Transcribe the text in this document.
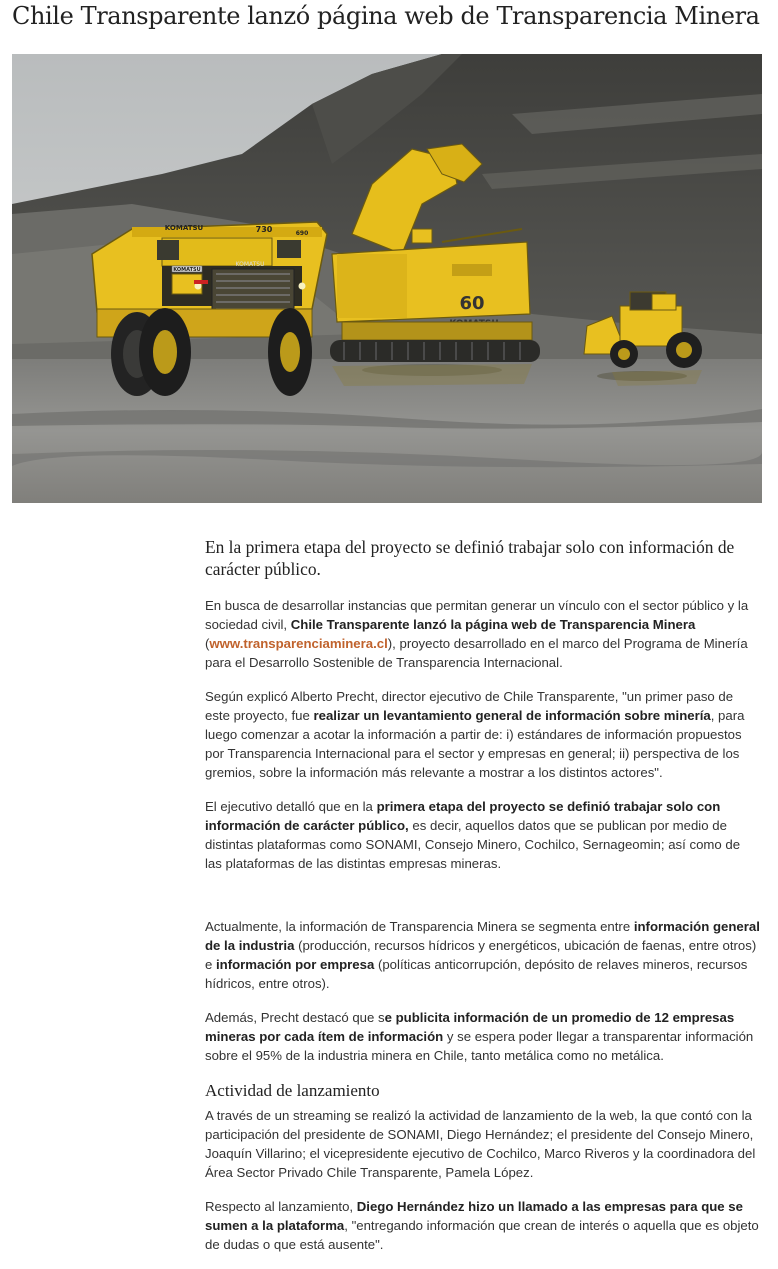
Chile Transparente lanzó página web de Transparencia Minera
KOMATSU
KOMATSU	730	690
KOMATSU
60

En la primera etapa del proyecto se definió trabajar solo con información de carácter público.

En busca de desarrollar instancias que permitan generar un vínculo con el sector público y la sociedad civil, Chile Transparente lanzó la página web de Transparencia Minera (www.transparenciaminera.cl), proyecto desarrollado en el marco del Programa de Minería para el Desarrollo Sostenible de Transparencia Internacional.

Según explicó Alberto Precht, director ejecutivo de Chile Transparente, "un primer paso de este proyecto, fue realizar un levantamiento general de información sobre minería, para luego comenzar a acotar la información a partir de: i) estándares de información propuestos por Transparencia Internacional para el sector y empresas en general; ii) perspectiva de los gremios, sobre la información más relevante a mostrar a los distintos actores".

El ejecutivo detalló que en la primera etapa del proyecto se definió trabajar solo con información de carácter público, es decir, aquellos datos que se publican por medio de distintas plataformas como SONAMI, Consejo Minero, Cochilco, Sernageomin; así como de las plataformas de las distintas empresas mineras.

Actualmente, la información de Transparencia Minera se segmenta entre información general de la industria (producción, recursos hídricos y energéticos, ubicación de faenas, entre otros) e información por empresa (políticas anticorrupción, depósito de relaves mineros, recursos hídricos, entre otros).

Además, Precht destacó que se publicita información de un promedio de 12 empresas mineras por cada ítem de información y se espera poder llegar a transparentar información sobre el 95% de la industria minera en Chile, tanto metálica como no metálica.

Actividad de lanzamiento

A través de un streaming se realizó la actividad de lanzamiento de la web, la que contó con la participación del presidente de SONAMI, Diego Hernández; el presidente del Consejo Minero, Joaquín Villarino; el vicepresidente ejecutivo de Cochilco, Marco Riveros y la coordinadora del Área Sector Privado Chile Transparente, Pamela López.

Respecto al lanzamiento, Diego Hernández hizo un llamado a las empresas para que se sumen a la plataforma, "entregando información que crean de interés o aquella que es objeto de dudas o que está ausente".
